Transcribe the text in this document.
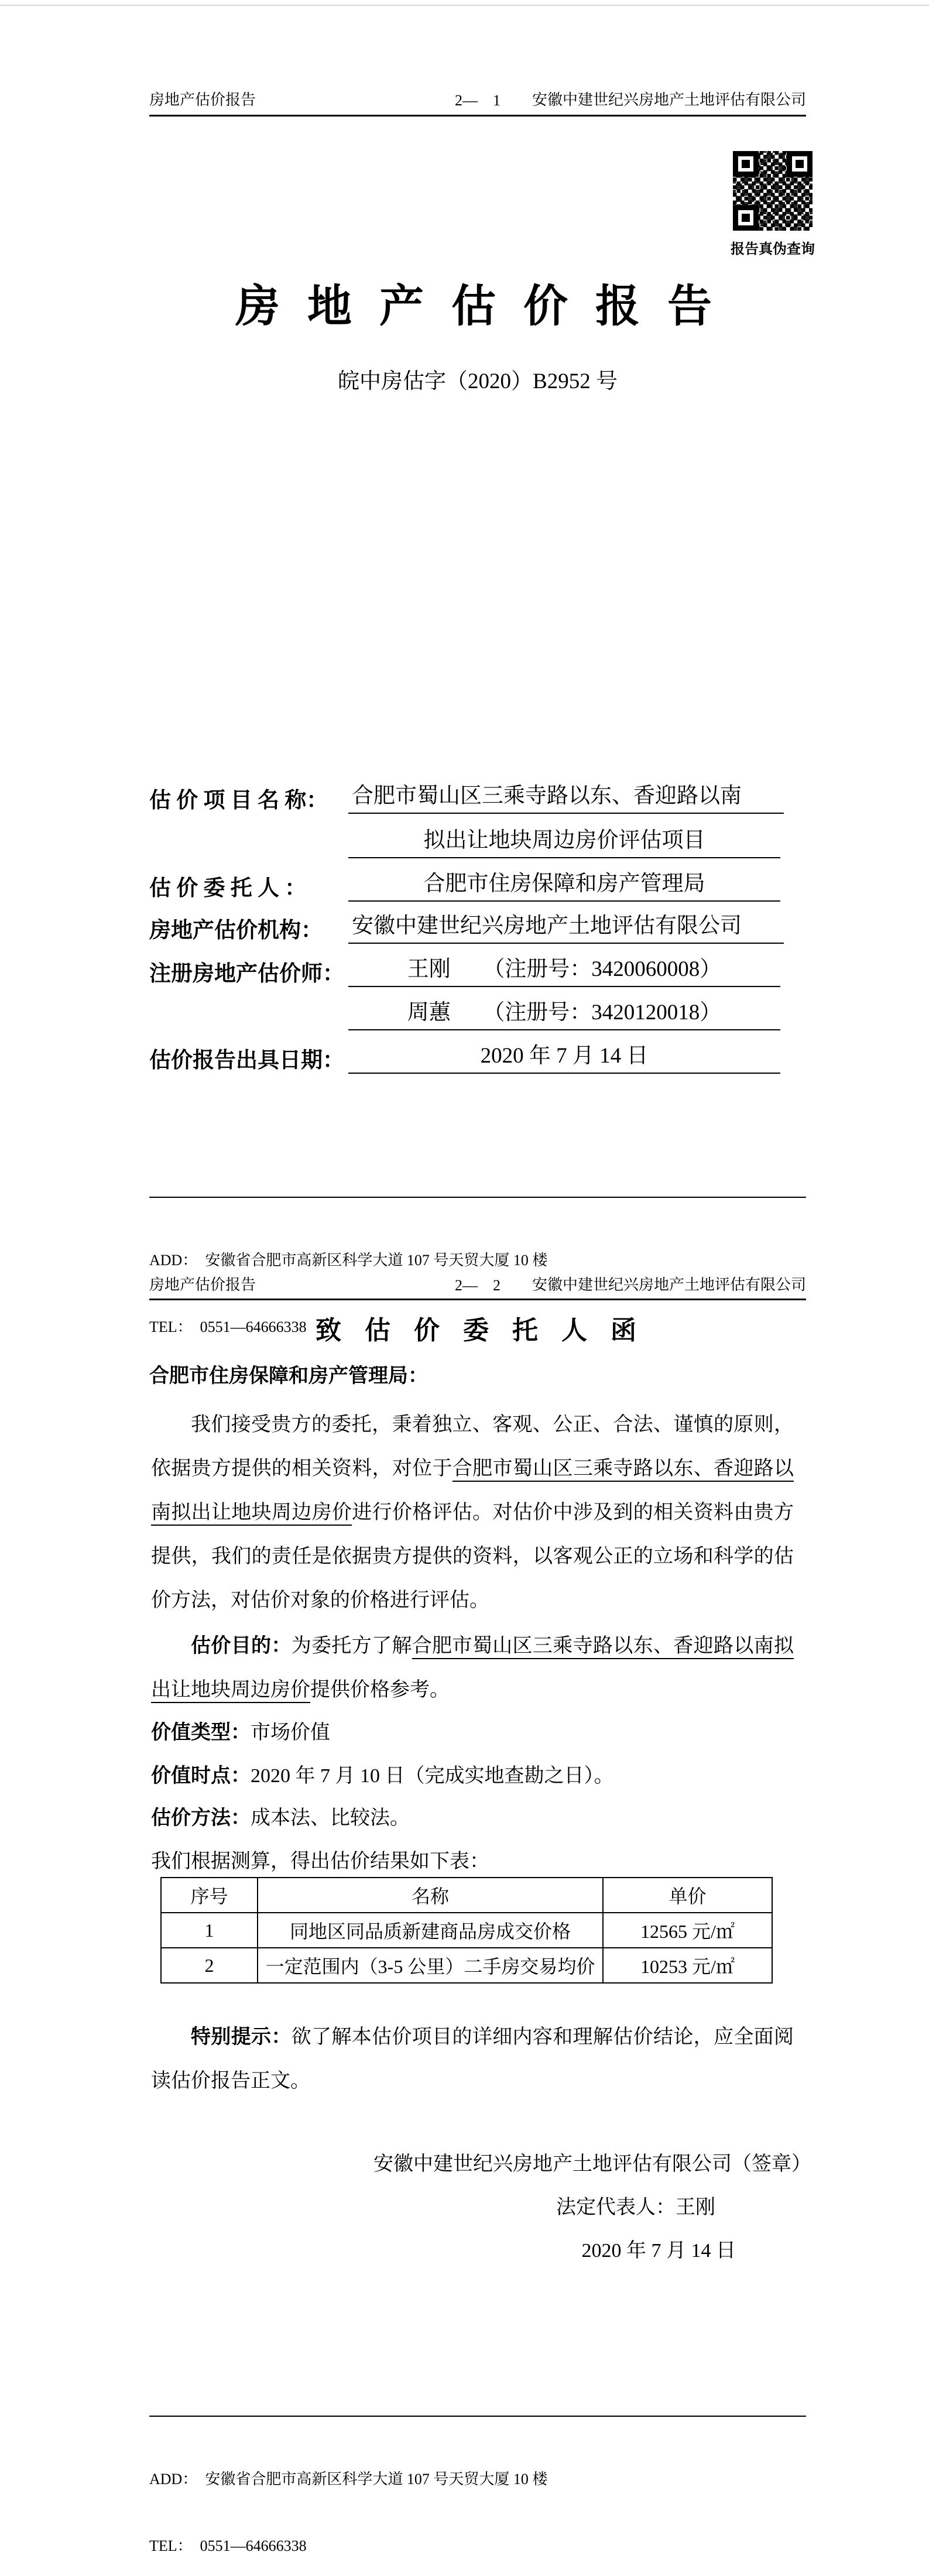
房地产估价报告	2—    1	安徽中建世纪兴房地产土地评估有限公司
报告真伪查询
房 地 产 估 价 报 告
皖中房估字（2020）B2952 号
估 价 项 目 名 称：	合肥市蜀山区三乘寺路以东、香迎路以南
拟出让地块周边房价评估项目
估 价 委 托 人 ：	合肥市住房保障和房产管理局
房地产估价机构：	安徽中建世纪兴房地产土地评估有限公司
注册房地产估价师：	王刚　　（注册号：3420060008）
周蕙　　（注册号：3420120018）
估价报告出具日期：	2020 年 7 月 14 日

ADD：  安徽省合肥市高新区科学大道 107 号天贸大厦 10 楼

TEL：  0551—64666338

房地产估价报告	2—    2	安徽中建世纪兴房地产土地评估有限公司
致  估  价  委  托  人  函
合肥市住房保障和房产管理局：
我们接受贵方的委托，秉着独立、客观、公正、合法、谨慎的原则，依据贵方提供的相关资料，对位于合肥市蜀山区三乘寺路以东、香迎路以南拟出让地块周边房价进行价格评估。对估价中涉及到的相关资料由贵方提供，我们的责任是依据贵方提供的资料，以客观公正的立场和科学的估价方法，对估价对象的价格进行评估。
估价目的：为委托方了解合肥市蜀山区三乘寺路以东、香迎路以南拟出让地块周边房价提供价格参考。
价值类型：市场价值
价值时点：2020 年 7 月 10 日（完成实地查勘之日）。
估价方法：成本法、比较法。
我们根据测算，得出估价结果如下表：
序号	名称	单价
1	同地区同品质新建商品房成交价格	12565 元/㎡
2	一定范围内（3-5 公里）二手房交易均价	10253 元/㎡
特别提示：欲了解本估价项目的详细内容和理解估价结论，应全面阅读估价报告正文。
安徽中建世纪兴房地产土地评估有限公司（签章）
法定代表人：王刚
2020 年 7 月 14 日

ADD：  安徽省合肥市高新区科学大道 107 号天贸大厦 10 楼

TEL：  0551—64666338
